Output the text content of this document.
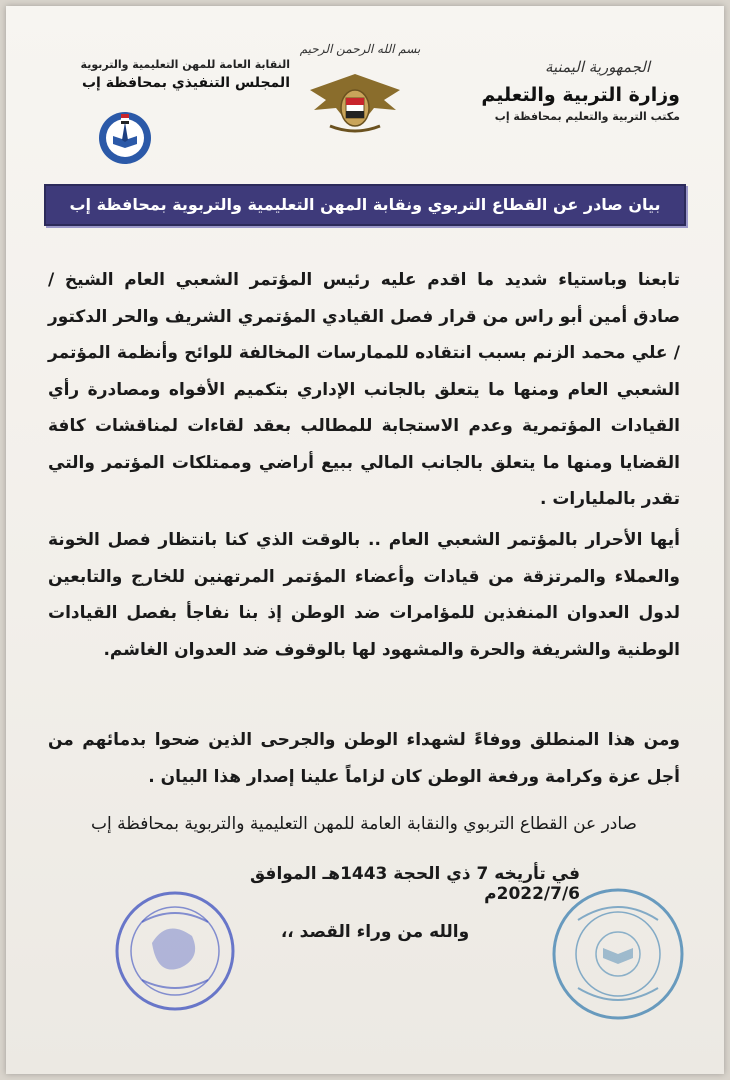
الجمهورية اليمنية
وزارة التربية والتعليم
مكتب التربية والتعليم بمحافظة إب
بسم الله الرحمن الرحيم
النقابة العامة للمهن التعليمية والتربوية
المجلس التنفيذي بمحافظة إب
بيان صادر عن القطاع التربوي ونقابة المهن التعليمية والتربوية بمحافظة إب
تابعنا وباستياء شديد ما اقدم عليه رئيس المؤتمر الشعبي العام الشيخ / صادق أمين أبو راس من قرار فصل القيادي المؤتمري الشريف والحر الدكتور / علي محمد الزنم بسبب انتقاده للممارسات المخالفة للوائح وأنظمة المؤتمر الشعبي العام ومنها ما يتعلق بالجانب الإداري بتكميم الأفواه ومصادرة رأي القيادات المؤتمرية وعدم الاستجابة للمطالب بعقد لقاءات لمناقشات كافة القضايا ومنها ما يتعلق بالجانب المالي ببيع أراضي وممتلكات المؤتمر والتي تقدر بالمليارات .
أيها الأحرار بالمؤتمر الشعبي العام .. بالوقت الذي كنا بانتظار فصل الخونة والعملاء والمرتزقة من قيادات وأعضاء المؤتمر المرتهنين للخارج والتابعين لدول العدوان المنفذين للمؤامرات ضد الوطن إذ بنا نفاجأ بفصل القيادات الوطنية والشريفة والحرة والمشهود لها بالوقوف ضد العدوان الغاشم.
ومن هذا المنطلق ووفاءً لشهداء الوطن والجرحى الذين ضحوا بدمائهم من أجل عزة وكرامة ورفعة الوطن كان لزاماً علينا إصدار هذا البيان .
صادر عن القطاع التربوي والنقابة العامة للمهن التعليمية والتربوية بمحافظة إب
في تأريخه 7 ذي الحجة 1443هـ الموافق 2022/7/6م
والله من وراء القصد ،،
